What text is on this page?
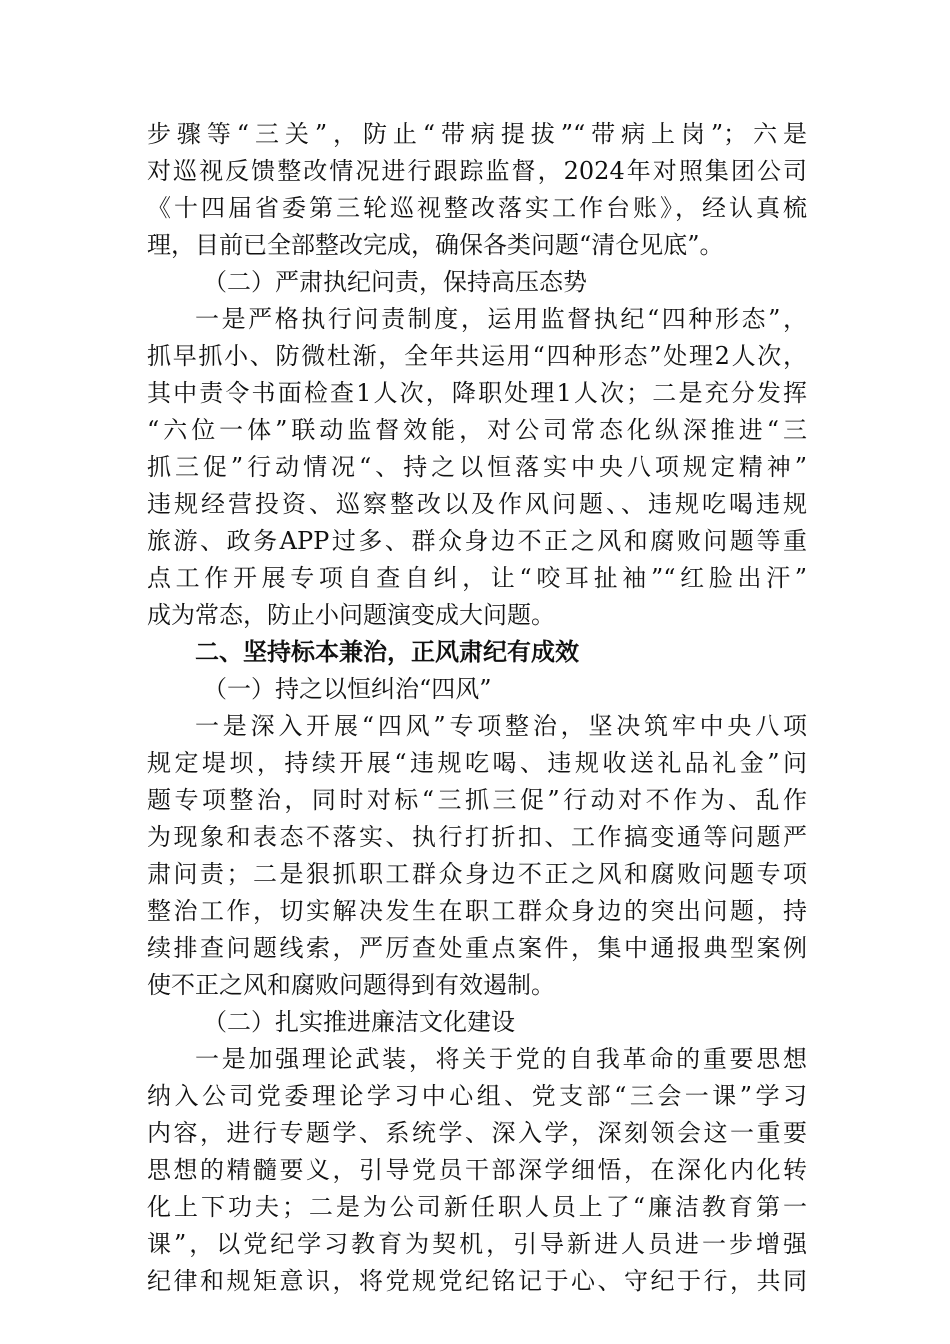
步骤等“三关”，防止“带病提拔”“带病上岗”；六是
对巡视反馈整改情况进行跟踪监督，2024年对照集团公司
《十四届省委第三轮巡视整改落实工作台账》，经认真梳
理，目前已全部整改完成，确保各类问题“清仓见底”。
（二）严肃执纪问责，保持高压态势
一是严格执行问责制度，运用监督执纪“四种形态”，
抓早抓小、防微杜渐，全年共运用“四种形态”处理2人次，
其中责令书面检查1人次，降职处理1人次；二是充分发挥
“六位一体”联动监督效能，对公司常态化纵深推进“三
抓三促”行动情况“、持之以恒落实中央八项规定精神”
违规经营投资、巡察整改以及作风问题、、违规吃喝违规
旅游、政务APP过多、群众身边不正之风和腐败问题等重
点工作开展专项自查自纠，让“咬耳扯袖”“红脸出汗”
成为常态，防止小问题演变成大问题。
二、坚持标本兼治，正风肃纪有成效
（一）持之以恒纠治“四风”
一是深入开展“四风”专项整治，坚决筑牢中央八项
规定堤坝，持续开展“违规吃喝、违规收送礼品礼金”问
题专项整治，同时对标“三抓三促”行动对不作为、乱作
为现象和表态不落实、执行打折扣、工作搞变通等问题严
肃问责；二是狠抓职工群众身边不正之风和腐败问题专项
整治工作，切实解决发生在职工群众身边的突出问题，持
续排查问题线索，严厉查处重点案件，集中通报典型案例
使不正之风和腐败问题得到有效遏制。
（二）扎实推进廉洁文化建设
一是加强理论武装，将关于党的自我革命的重要思想
纳入公司党委理论学习中心组、党支部“三会一课”学习
内容，进行专题学、系统学、深入学，深刻领会这一重要
思想的精髓要义，引导党员干部深学细悟，在深化内化转
化上下功夫；二是为公司新任职人员上了“廉洁教育第一
课”，以党纪学习教育为契机，引导新进人员进一步增强
纪律和规矩意识，将党规党纪铭记于心、守纪于行，共同
